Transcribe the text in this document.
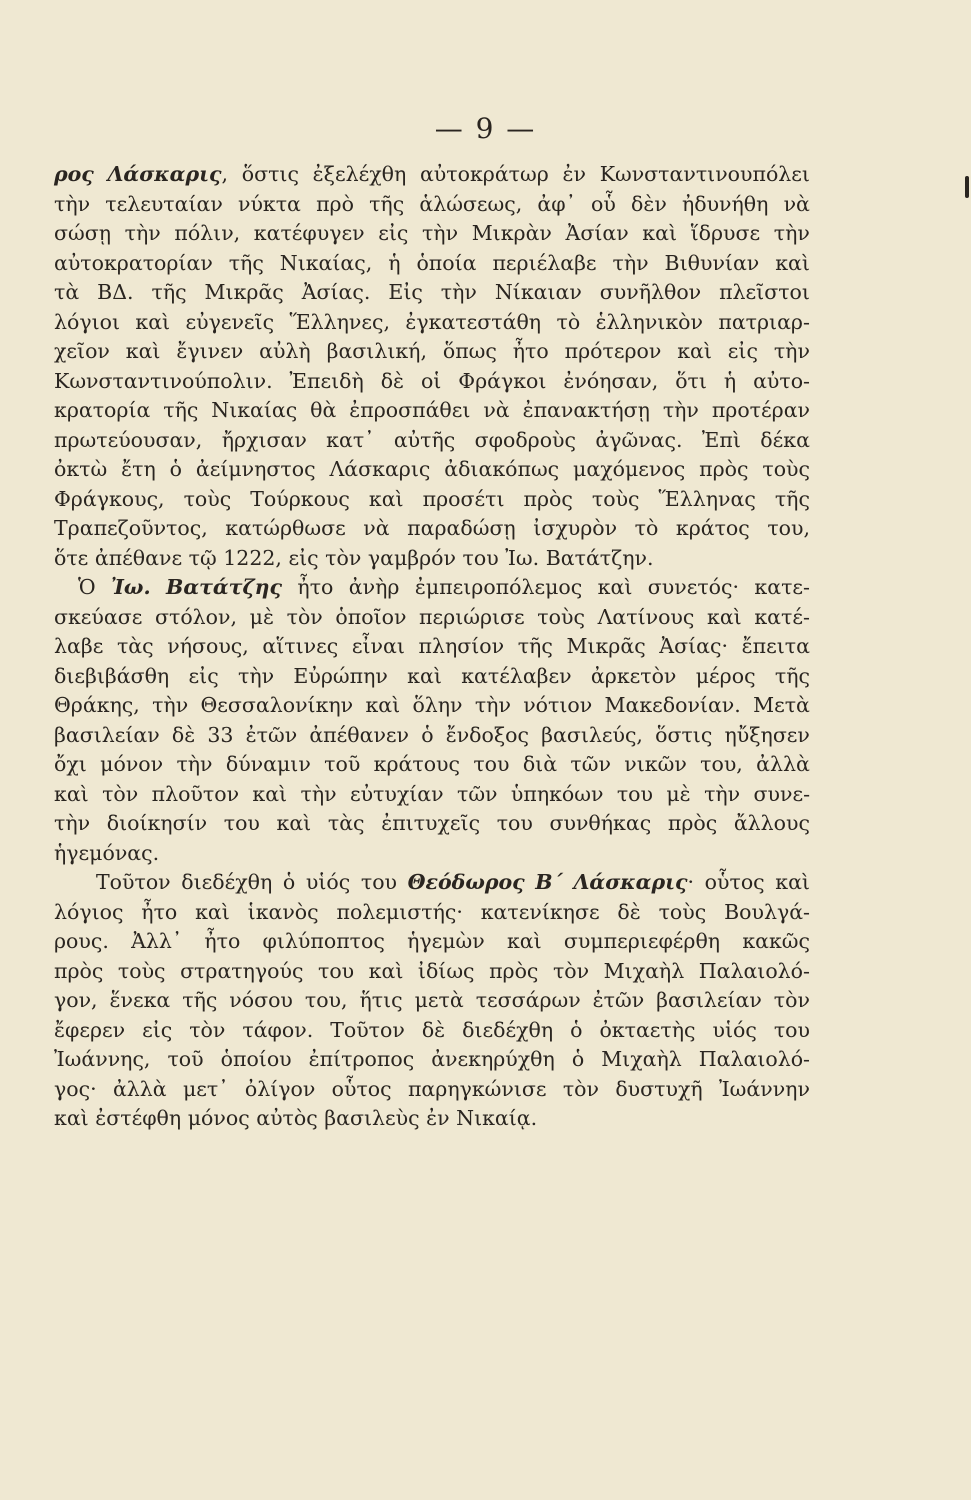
— 9 —
ρος Λάσκαρις, ὅστις ἐξελέχθη αὐτοκράτωρ ἐν Κωνσταντινουπόλει
τὴν τελευταίαν νύκτα πρὸ τῆς ἁλώσεως, ἀφ᾽ οὗ δὲν ἠδυνήθη νὰ
σώσῃ τὴν πόλιν, κατέφυγεν εἰς τὴν Μικρὰν Ἀσίαν καὶ ἵδρυσε τὴν
αὐτοκρατορίαν τῆς Νικαίας, ἡ ὁποία περιέλαβε τὴν Βιθυνίαν καὶ
τὰ ΒΔ. τῆς Μικρᾶς Ἀσίας. Εἰς τὴν Νίκαιαν συνῆλθον πλεῖστοι
λόγιοι καὶ εὐγενεῖς Ἕλληνες, ἐγκατεστάθη τὸ ἑλληνικὸν πατριαρ-
χεῖον καὶ ἔγινεν αὐλὴ βασιλική, ὅπως ἦτο πρότερον καὶ εἰς τὴν
Κωνσταντινούπολιν. Ἐπειδὴ δὲ οἱ Φράγκοι ἐνόησαν, ὅτι ἡ αὐτο-
κρατορία τῆς Νικαίας θὰ ἐπροσπάθει νὰ ἐπανακτήσῃ τὴν προτέραν
πρωτεύουσαν, ἤρχισαν κατ᾽ αὐτῆς σφοδροὺς ἀγῶνας. Ἐπὶ δέκα
ὀκτὼ ἔτη ὁ ἀείμνηστος Λάσκαρις ἀδιακόπως μαχόμενος πρὸς τοὺς
Φράγκους, τοὺς Τούρκους καὶ προσέτι πρὸς τοὺς Ἕλληνας τῆς
Τραπεζοῦντος, κατώρθωσε νὰ παραδώσῃ ἰσχυρὸν τὸ κράτος του,
ὅτε ἀπέθανε τῷ 1222, εἰς τὸν γαμβρόν του Ἰω. Βατάτζην.
Ὁ Ἰω. Βατάτζης ἦτο ἀνὴρ ἐμπειροπόλεμος καὶ συνετός· κατε-
σκεύασε στόλον, μὲ τὸν ὁποῖον περιώρισε τοὺς Λατίνους καὶ κατέ-
λαβε τὰς νήσους, αἵτινες εἶναι πλησίον τῆς Μικρᾶς Ἀσίας· ἔπειτα
διεβιβάσθη εἰς τὴν Εὐρώπην καὶ κατέλαβεν ἀρκετὸν μέρος τῆς
Θράκης, τὴν Θεσσαλονίκην καὶ ὅλην τὴν νότιον Μακεδονίαν. Μετὰ
βασιλείαν δὲ 33 ἐτῶν ἀπέθανεν ὁ ἔνδοξος βασιλεύς, ὅστις ηὔξησεν
ὄχι μόνον τὴν δύναμιν τοῦ κράτους του διὰ τῶν νικῶν του, ἀλλὰ
καὶ τὸν πλοῦτον καὶ τὴν εὐτυχίαν τῶν ὑπηκόων του μὲ τὴν συνε-
τὴν διοίκησίν του καὶ τὰς ἐπιτυχεῖς του συνθήκας πρὸς ἄλλους
ἡγεμόνας.
Τοῦτον διεδέχθη ὁ υἱός του Θεόδωρος Β´ Λάσκαρις· οὗτος καὶ
λόγιος ἦτο καὶ ἱκανὸς πολεμιστής· κατενίκησε δὲ τοὺς Βουλγά-
ρους. Ἀλλ᾽ ἦτο φιλύποπτος ἡγεμὼν καὶ συμπεριεφέρθη κακῶς
πρὸς τοὺς στρατηγούς του καὶ ἰδίως πρὸς τὸν Μιχαὴλ Παλαιολό-
γον, ἕνεκα τῆς νόσου του, ἥτις μετὰ τεσσάρων ἐτῶν βασιλείαν τὸν
ἔφερεν εἰς τὸν τάφον. Τοῦτον δὲ διεδέχθη ὁ ὀκταετὴς υἱός του
Ἰωάννης, τοῦ ὁποίου ἐπίτροπος ἀνεκηρύχθη ὁ Μιχαὴλ Παλαιολό-
γος· ἀλλὰ μετ᾽ ὀλίγον οὗτος παρηγκώνισε τὸν δυστυχῆ Ἰωάννην
καὶ ἐστέφθη μόνος αὐτὸς βασιλεὺς ἐν Νικαίᾳ.
